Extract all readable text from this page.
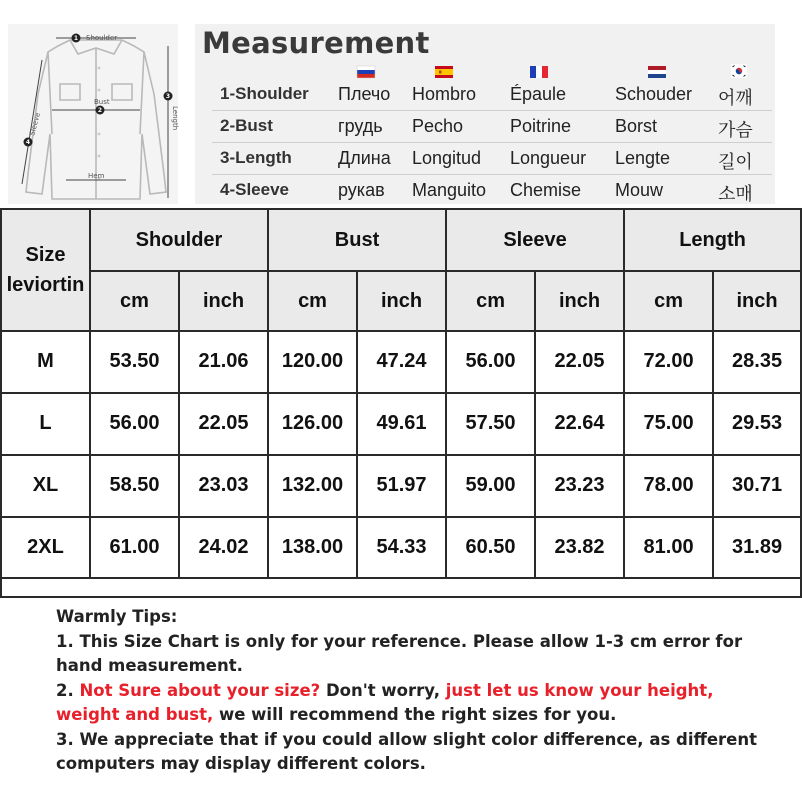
1
2
3
4
Shoulder
Bust
Hem
Sleeve	Length
Measurement
1-Shoulder Плечо Hombro Épaule	Schouder 어깨
2-Bust	грудь Pecho	Poitrine Borst	가슴
3-Length	Длина Longitud Longueur Lengte	길이
4-Sleeve	рукав Manguito Chemise Mouw	소매
Size
leviortin	Shoulder		Bust		Sleeve		Length	
	cm	inch	cm	inch	cm	inch	cm	inch
M	53.50	21.06	120.00	47.24	56.00	22.05	72.00	28.35
L	56.00	22.05	126.00	49.61	57.50	22.64	75.00	29.53
XL	58.50	23.03	132.00	51.97	59.00	23.23	78.00	30.71
2XL	61.00	24.02	138.00	54.33	60.50	23.82	81.00	31.89

Warmly Tips:

1. This Size Chart is only for your reference. Please allow 1-3 cm error for hand measurement.

2. Not Sure about your size? Don't worry, just let us know your height, weight and bust, we will recommend the right sizes for you.

3. We appreciate that if you could allow slight color difference, as different computers may display different colors.
